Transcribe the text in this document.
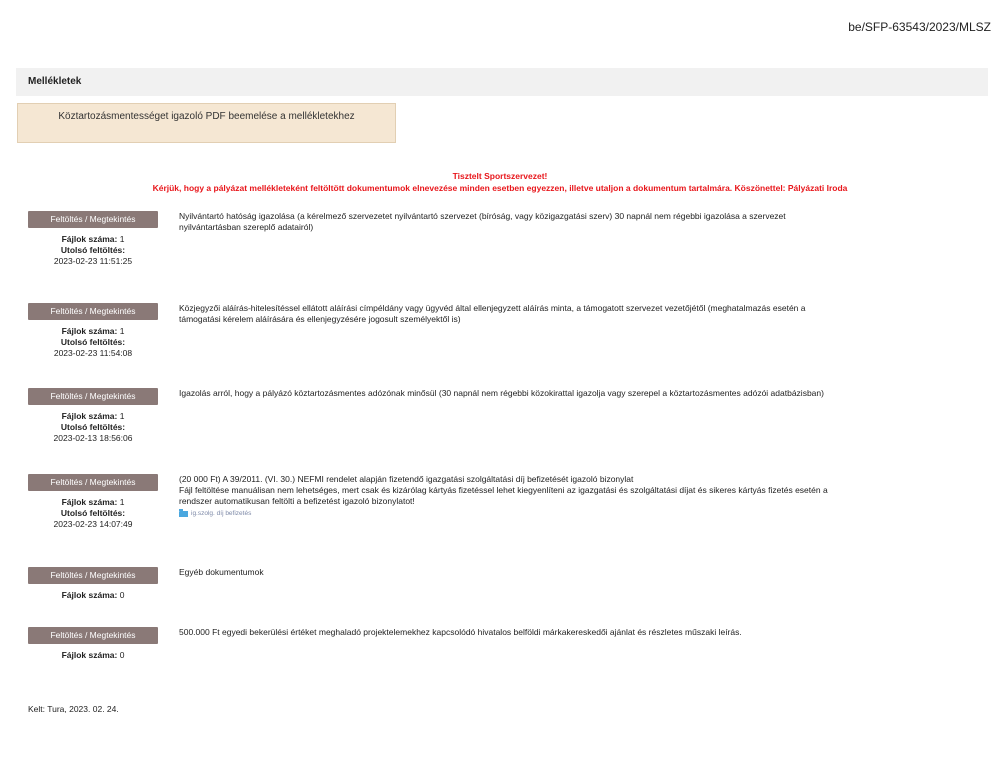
be/SFP-63543/2023/MLSZ
Mellékletek
Köztartozásmentességet igazoló PDF beemelése a mellékletekhez
Tisztelt Sportszervezet!
Kérjük, hogy a pályázat mellékleteként feltöltött dokumentumok elnevezése minden esetben egyezzen, illetve utaljon a dokumentum tartalmára. Köszönettel: Pályázati Iroda
Feltöltés / Megtekintés
Fájlok száma: 1
Utolsó feltöltés:
2023-02-23 11:51:25
Nyilvántartó hatóság igazolása (a kérelmező szervezetet nyilvántartó szervezet (bíróság, vagy közigazgatási szerv) 30 napnál nem régebbi igazolása a szervezet nyilvántartásban szereplő adatairól)
Feltöltés / Megtekintés
Fájlok száma: 1
Utolsó feltöltés:
2023-02-23 11:54:08
Közjegyzői aláírás-hitelesítéssel ellátott aláírási címpéldány vagy ügyvéd által ellenjegyzett aláírás minta, a támogatott szervezet vezetőjétől (meghatalmazás esetén a támogatási kérelem aláírására és ellenjegyzésére jogosult személyektől is)
Feltöltés / Megtekintés
Fájlok száma: 1
Utolsó feltöltés:
2023-02-13 18:56:06
Igazolás arról, hogy a pályázó köztartozásmentes adózónak minősül (30 napnál nem régebbi közokirattal igazolja vagy szerepel a köztartozásmentes adózói adatbázisban)
Feltöltés / Megtekintés
Fájlok száma: 1
Utolsó feltöltés:
2023-02-23 14:07:49
(20 000 Ft) A 39/2011. (VI. 30.) NEFMI rendelet alapján fizetendő igazgatási szolgáltatási díj befizetését igazoló bizonylat
Fájl feltöltése manuálisan nem lehetséges, mert csak és kizárólag kártyás fizetéssel lehet kiegyenlíteni az igazgatási és szolgáltatási díjat és sikeres kártyás fizetés esetén a rendszer automatikusan feltölti a befizetést igazoló bizonylatot!
ig.szolg. díj befizetés
Feltöltés / Megtekintés
Fájlok száma: 0
Egyéb dokumentumok
Feltöltés / Megtekintés
Fájlok száma: 0
500.000 Ft egyedi bekerülési értéket meghaladó projektelemekhez kapcsolódó hivatalos belföldi márkakereskedői ajánlat és részletes műszaki leírás.
Kelt: Tura, 2023. 02. 24.
